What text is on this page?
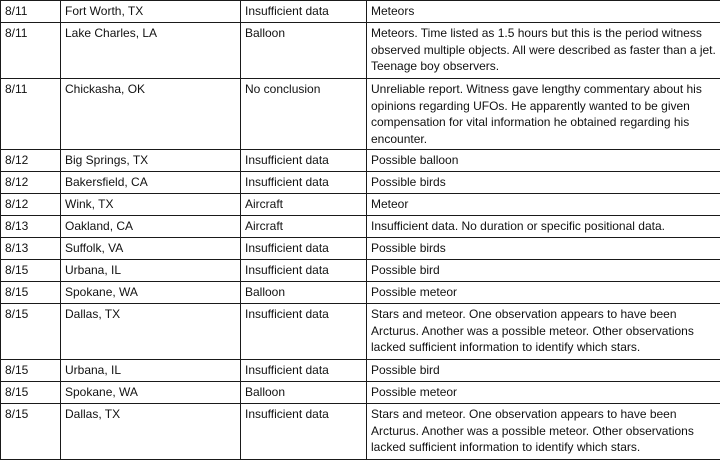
8/11	Fort Worth, TX	Insufficient data	Meteors
8/11	Lake Charles, LA	Balloon	Meteors. Time listed as 1.5 hours but this is the period witness observed multiple objects. All were described as faster than a jet. Teenage boy observers.
8/11	Chickasha, OK	No conclusion	Unreliable report. Witness gave lengthy commentary about his opinions regarding UFOs. He apparently wanted to be given compensation for vital information he obtained regarding his encounter.
8/12	Big Springs, TX	Insufficient data	Possible balloon
8/12	Bakersfield, CA	Insufficient data	Possible birds
8/12	Wink, TX	Aircraft	Meteor
8/13	Oakland, CA	Aircraft	Insufficient data. No duration or specific positional data.
8/13	Suffolk, VA	Insufficient data	Possible birds
8/15	Urbana, IL	Insufficient data	Possible bird
8/15	Spokane, WA	Balloon	Possible meteor
8/15	Dallas, TX	Insufficient data	Stars and meteor. One observation appears to have been Arcturus. Another was a possible meteor. Other observations lacked sufficient information to identify which stars.
8/15	Urbana, IL	Insufficient data	Possible bird
8/15	Spokane, WA	Balloon	Possible meteor
8/15	Dallas, TX	Insufficient data	Stars and meteor. One observation appears to have been Arcturus. Another was a possible meteor. Other observations lacked sufficient information to identify which stars.
